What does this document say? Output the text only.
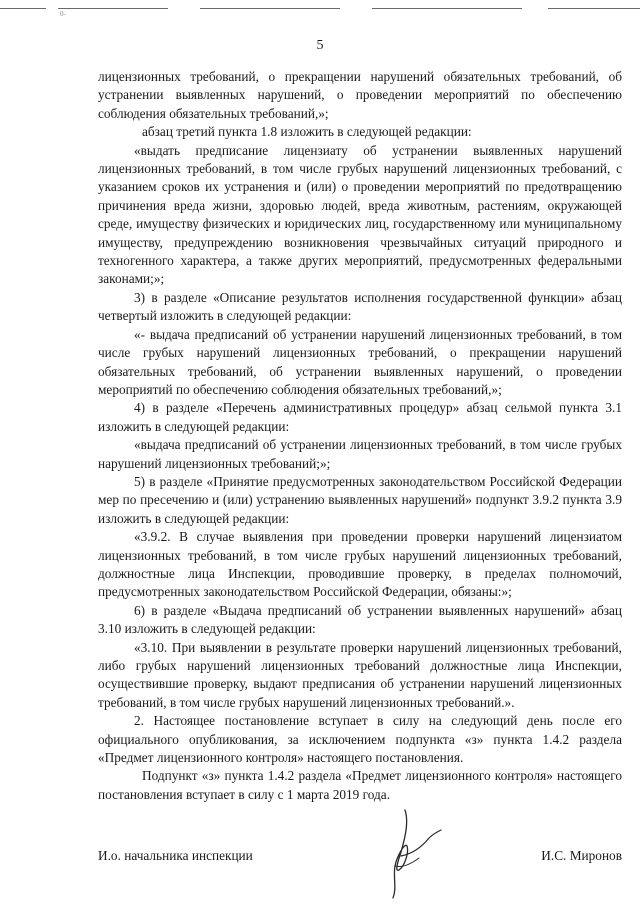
0-
5

лицензионных требований, о прекращении нарушений обязательных требований, об устранении выявленных нарушений, о проведении мероприятий по обеспечению соблюдения обязательных требований,»;

абзац третий пункта 1.8 изложить в следующей редакции:

«выдать предписание лицензиату об устранении выявленных нарушений лицензионных требований, в том числе грубых нарушений лицензионных требований, с указанием сроков их устранения и (или) о проведении мероприятий по предотвращению причинения вреда жизни, здоровью людей, вреда животным, растениям, окружающей среде, имуществу физических и юридических лиц, государственному или муниципальному имуществу, предупреждению возникновения чрезвычайных ситуаций природного и техногенного характера, а также других мероприятий, предусмотренных федеральными законами;»;

3) в разделе «Описание результатов исполнения государственной функции» абзац четвертый изложить в следующей редакции:

«- выдача предписаний об устранении нарушений лицензионных требований, в том числе грубых нарушений лицензионных требований, о прекращении нарушений обязательных требований, об устранении выявленных нарушений, о проведении мероприятий по обеспечению соблюдения обязательных требований,»;

4) в разделе «Перечень административных процедур» абзац сельмой пункта 3.1 изложить в следующей редакции:

«выдача предписаний об устранении лицензионных требований, в том числе грубых нарушений лицензионных требований;»;

5) в разделе «Принятие предусмотренных законодательством Российской Федерации мер по пресечению и (или) устранению выявленных нарушений» подпункт 3.9.2 пункта 3.9 изложить в следующей редакции:

«3.9.2. В случае выявления при проведении проверки нарушений лицензиатом лицензионных требований, в том числе грубых нарушений лицензионных требований, должностные лица Инспекции, проводившие проверку, в пределах полномочий, предусмотренных законодательством Российской Федерации, обязаны:»;

6) в разделе «Выдача предписаний об устранении выявленных нарушений» абзац 3.10 изложить в следующей редакции:

«3.10. При выявлении в результате проверки нарушений лицензионных требований, либо грубых нарушений лицензионных требований должностные лица Инспекции, осуществившие проверку, выдают предписания об устранении нарушений лицензионных требований, в том числе грубых нарушений лицензионных требований.».

2. Настоящее постановление вступает в силу на следующий день после его официального опубликования, за исключением подпункта «з» пункта 1.4.2 раздела «Предмет лицензионного контроля» настоящего постановления.

Подпункт «з» пункта 1.4.2 раздела «Предмет лицензионного контроля» настоящего постановления вступает в силу с 1 марта 2019 года.

И.о. начальника инспекции	И.С. Миронов
